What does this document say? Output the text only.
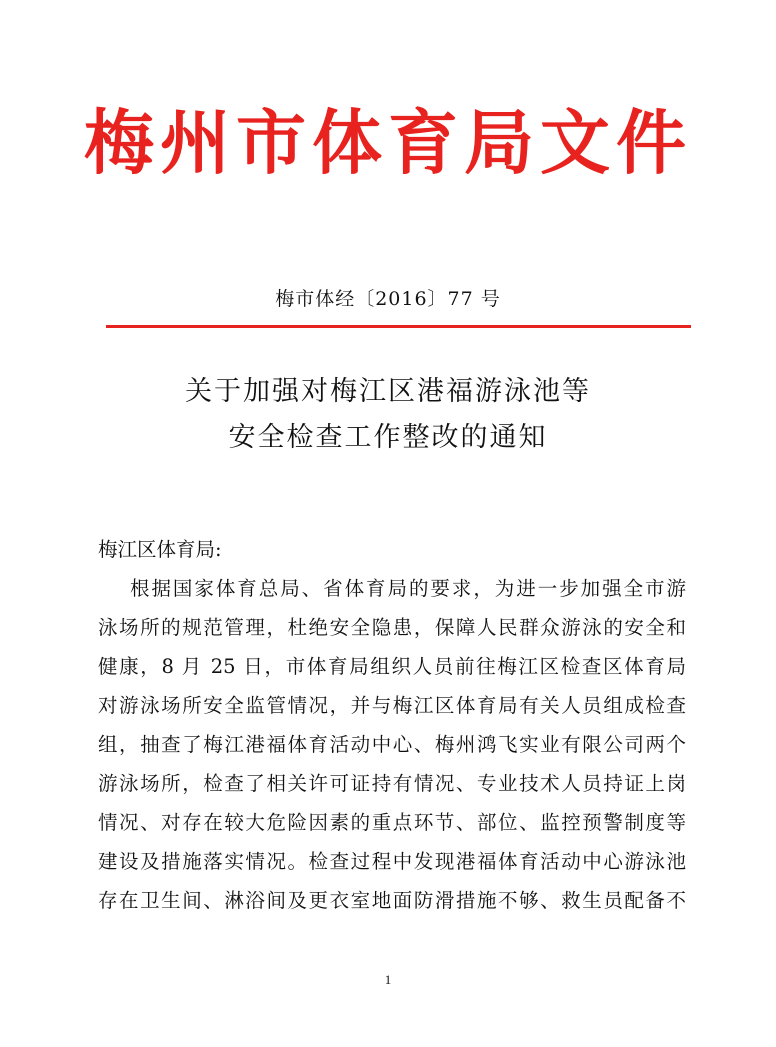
梅州市体育局文件
梅市体经〔2016〕77 号
关于加强对梅江区港福游泳池等
安全检查工作整改的通知
梅江区体育局:
根据国家体育总局、省体育局的要求，为进一步加强全市游
泳场所的规范管理，杜绝安全隐患，保障人民群众游泳的安全和
健康，8 月 25 日，市体育局组织人员前往梅江区检查区体育局
对游泳场所安全监管情况，并与梅江区体育局有关人员组成检查
组，抽查了梅江港福体育活动中心、梅州鸿飞实业有限公司两个
游泳场所，检查了相关许可证持有情况、专业技术人员持证上岗
情况、对存在较大危险因素的重点环节、部位、监控预警制度等
建设及措施落实情况。检查过程中发现港福体育活动中心游泳池
存在卫生间、淋浴间及更衣室地面防滑措施不够、救生员配备不
1
